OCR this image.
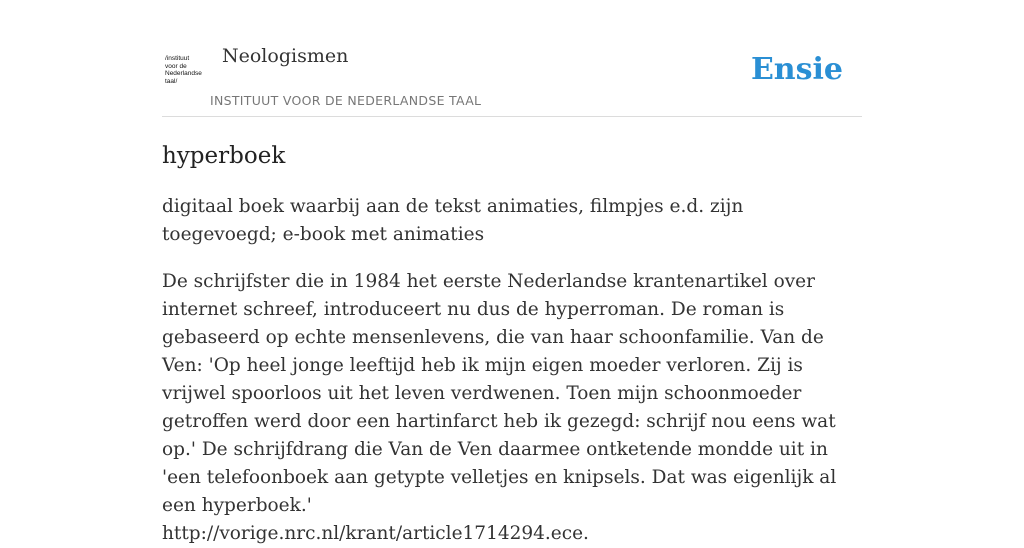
/instituut
voor de
Nederlandse
taal/
Neologismen
INSTITUUT VOOR DE NEDERLANDSE TAAL
Ensie
hyperboek

digitaal boek waarbij aan de tekst animaties, filmpjes e.d. zijn toegevoegd; e-book met animaties

De schrijfster die in 1984 het eerste Nederlandse krantenartikel over internet schreef, introduceert nu dus de hyperroman. De roman is gebaseerd op echte mensenlevens, die van haar schoonfamilie. Van de Ven: 'Op heel jonge leeftijd heb ik mijn eigen moeder verloren. Zij is vrijwel spoorloos uit het leven verdwenen. Toen mijn schoonmoeder getroffen werd door een hartinfarct heb ik gezegd: schrijf nou eens wat op.' De schrijfdrang die Van de Ven daarmee ontketende mondde uit in 'een telefoonboek aan getypte velletjes en knipsels. Dat was eigenlijk al een hyperboek.'
http://vorige.nrc.nl/krant/article1714294.ece.
